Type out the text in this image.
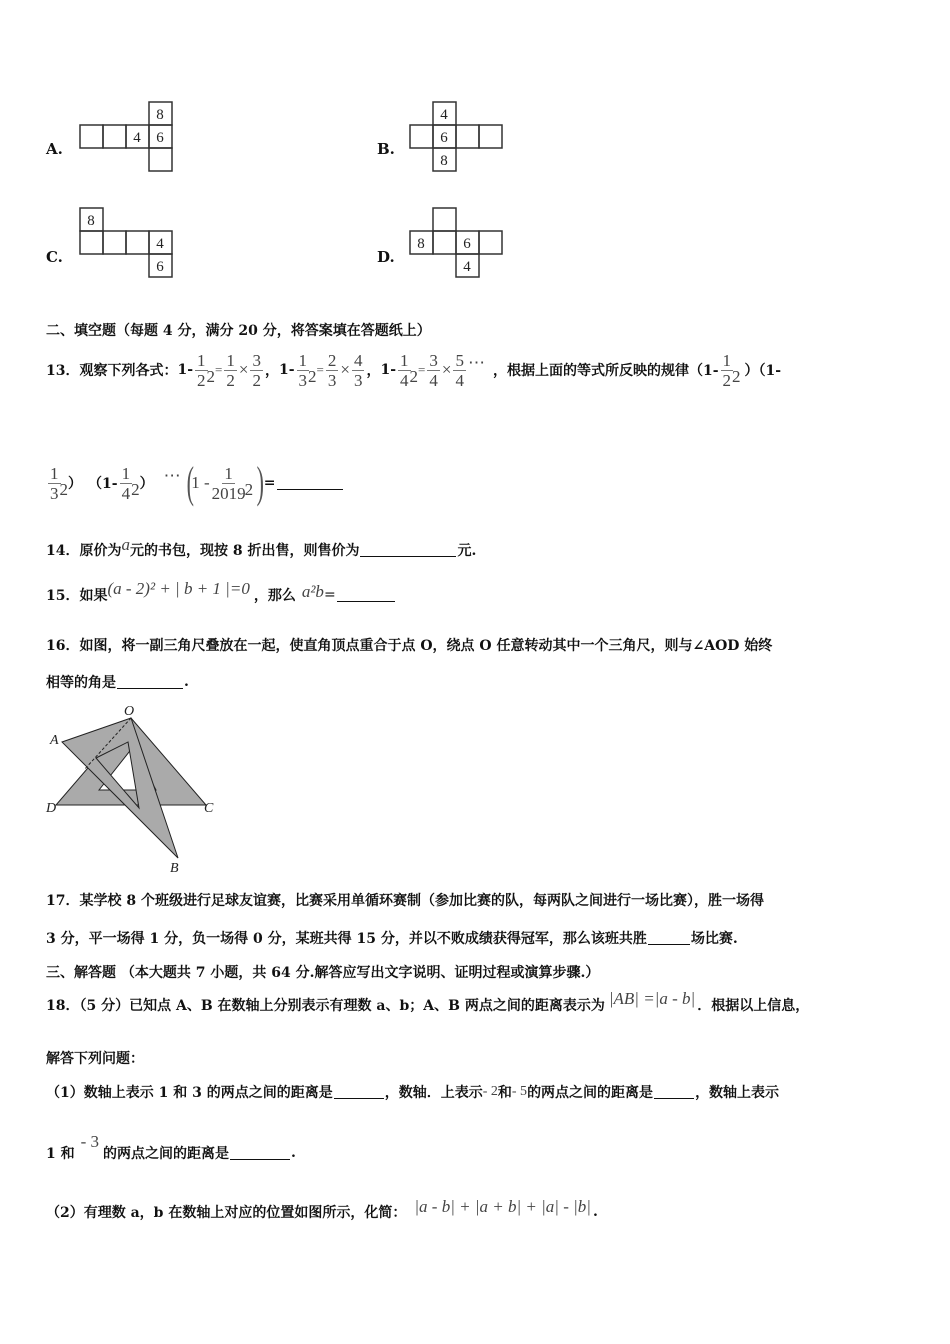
A.	B.
C.	D.
8
4 6
4
6
8
8
4
6
8	6
4
二、填空题（每题 4 分，满分 20 分，将答案填在答题纸上）
13．观察下列各式： $1- \frac{1}{2} 2 = \frac{1}{2} \times \frac{3}{2}$ ， $1- \frac{1}{3} 2 = \frac{2}{3} \times \frac{4}{3}$ ， $1- \frac{1}{4} 2 = \frac{3}{4} \times \frac{5}{4}$ ⋯ ，根据上面的等式所反映的规律（$1- \frac{1}{2} 2$ ）（1-
$\frac{1}{3} 2$ ） （$1- \frac{1}{4} 2$ ） ⋯ (
$1 - \frac{1}{2019} 2$ ) =
14．原价为 a 元的书包，现按 8 折出售，则售价为	元.
15．如果 (a - 2)² + | b + 1 |=0 ，那么 a²b =
16．如图，将一副三角尺叠放在一起，使直角顶点重合于点 O，绕点 O 任意转动其中一个三角尺，则与∠AOD 始终
相等的角是	.
O
A
D	C
B
17．某学校 8 个班级进行足球友谊赛，比赛采用单循环赛制（参加比赛的队，每两队之间进行一场比赛），胜一场得
3 分，平一场得 1 分，负一场得 0 分，某班共得 15 分，并以不败成绩获得冠军，那么该班共胜	场比赛.
三、解答题 （本大题共 7 小题，共 64 分.解答应写出文字说明、证明过程或演算步骤.）
18．（5 分）已知点 A、B 在数轴上分别表示有理数 a、b；A、B 两点之间的距离表示为 |AB| =|a - b| ．根据以上信息，
解答下列问题：
（1）数轴上表示 1 和 3 的两点之间的距离是	，数轴．上表示 - 2 和 - 5 的两点之间的距离是	，数轴上表示
1 和
- 3
的两点之间的距离是	.
（2）有理数 a，b 在数轴上对应的位置如图所示，化简： |a - b| + |a + b| + |a| - |b| .
